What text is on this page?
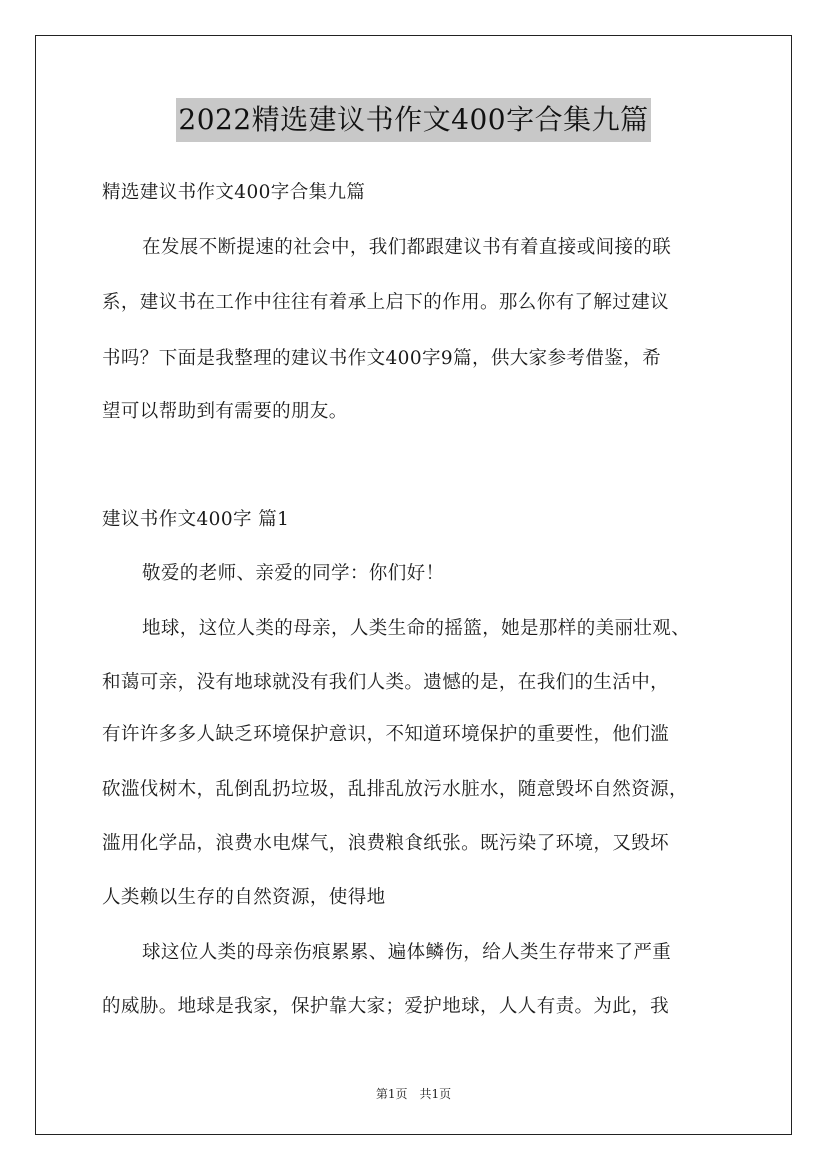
2022精选建议书作文400字合集九篇
精选建议书作文400字合集九篇
在发展不断提速的社会中，我们都跟建议书有着直接或间接的联
系，建议书在工作中往往有着承上启下的作用。那么你有了解过建议
书吗？下面是我整理的建议书作文400字9篇，供大家参考借鉴，希
望可以帮助到有需要的朋友。
建议书作文400字 篇1
敬爱的老师、亲爱的同学：你们好！
地球，这位人类的母亲，人类生命的摇篮，她是那样的美丽壮观、
和蔼可亲，没有地球就没有我们人类。遗憾的是，在我们的生活中，
有许许多多人缺乏环境保护意识，不知道环境保护的重要性，他们滥
砍滥伐树木，乱倒乱扔垃圾，乱排乱放污水脏水，随意毁坏自然资源，
滥用化学品，浪费水电煤气，浪费粮食纸张。既污染了环境，又毁坏
人类赖以生存的自然资源，使得地
球这位人类的母亲伤痕累累、遍体鳞伤，给人类生存带来了严重
的威胁。地球是我家，保护靠大家；爱护地球，人人有责。为此，我
第1页　共1页
